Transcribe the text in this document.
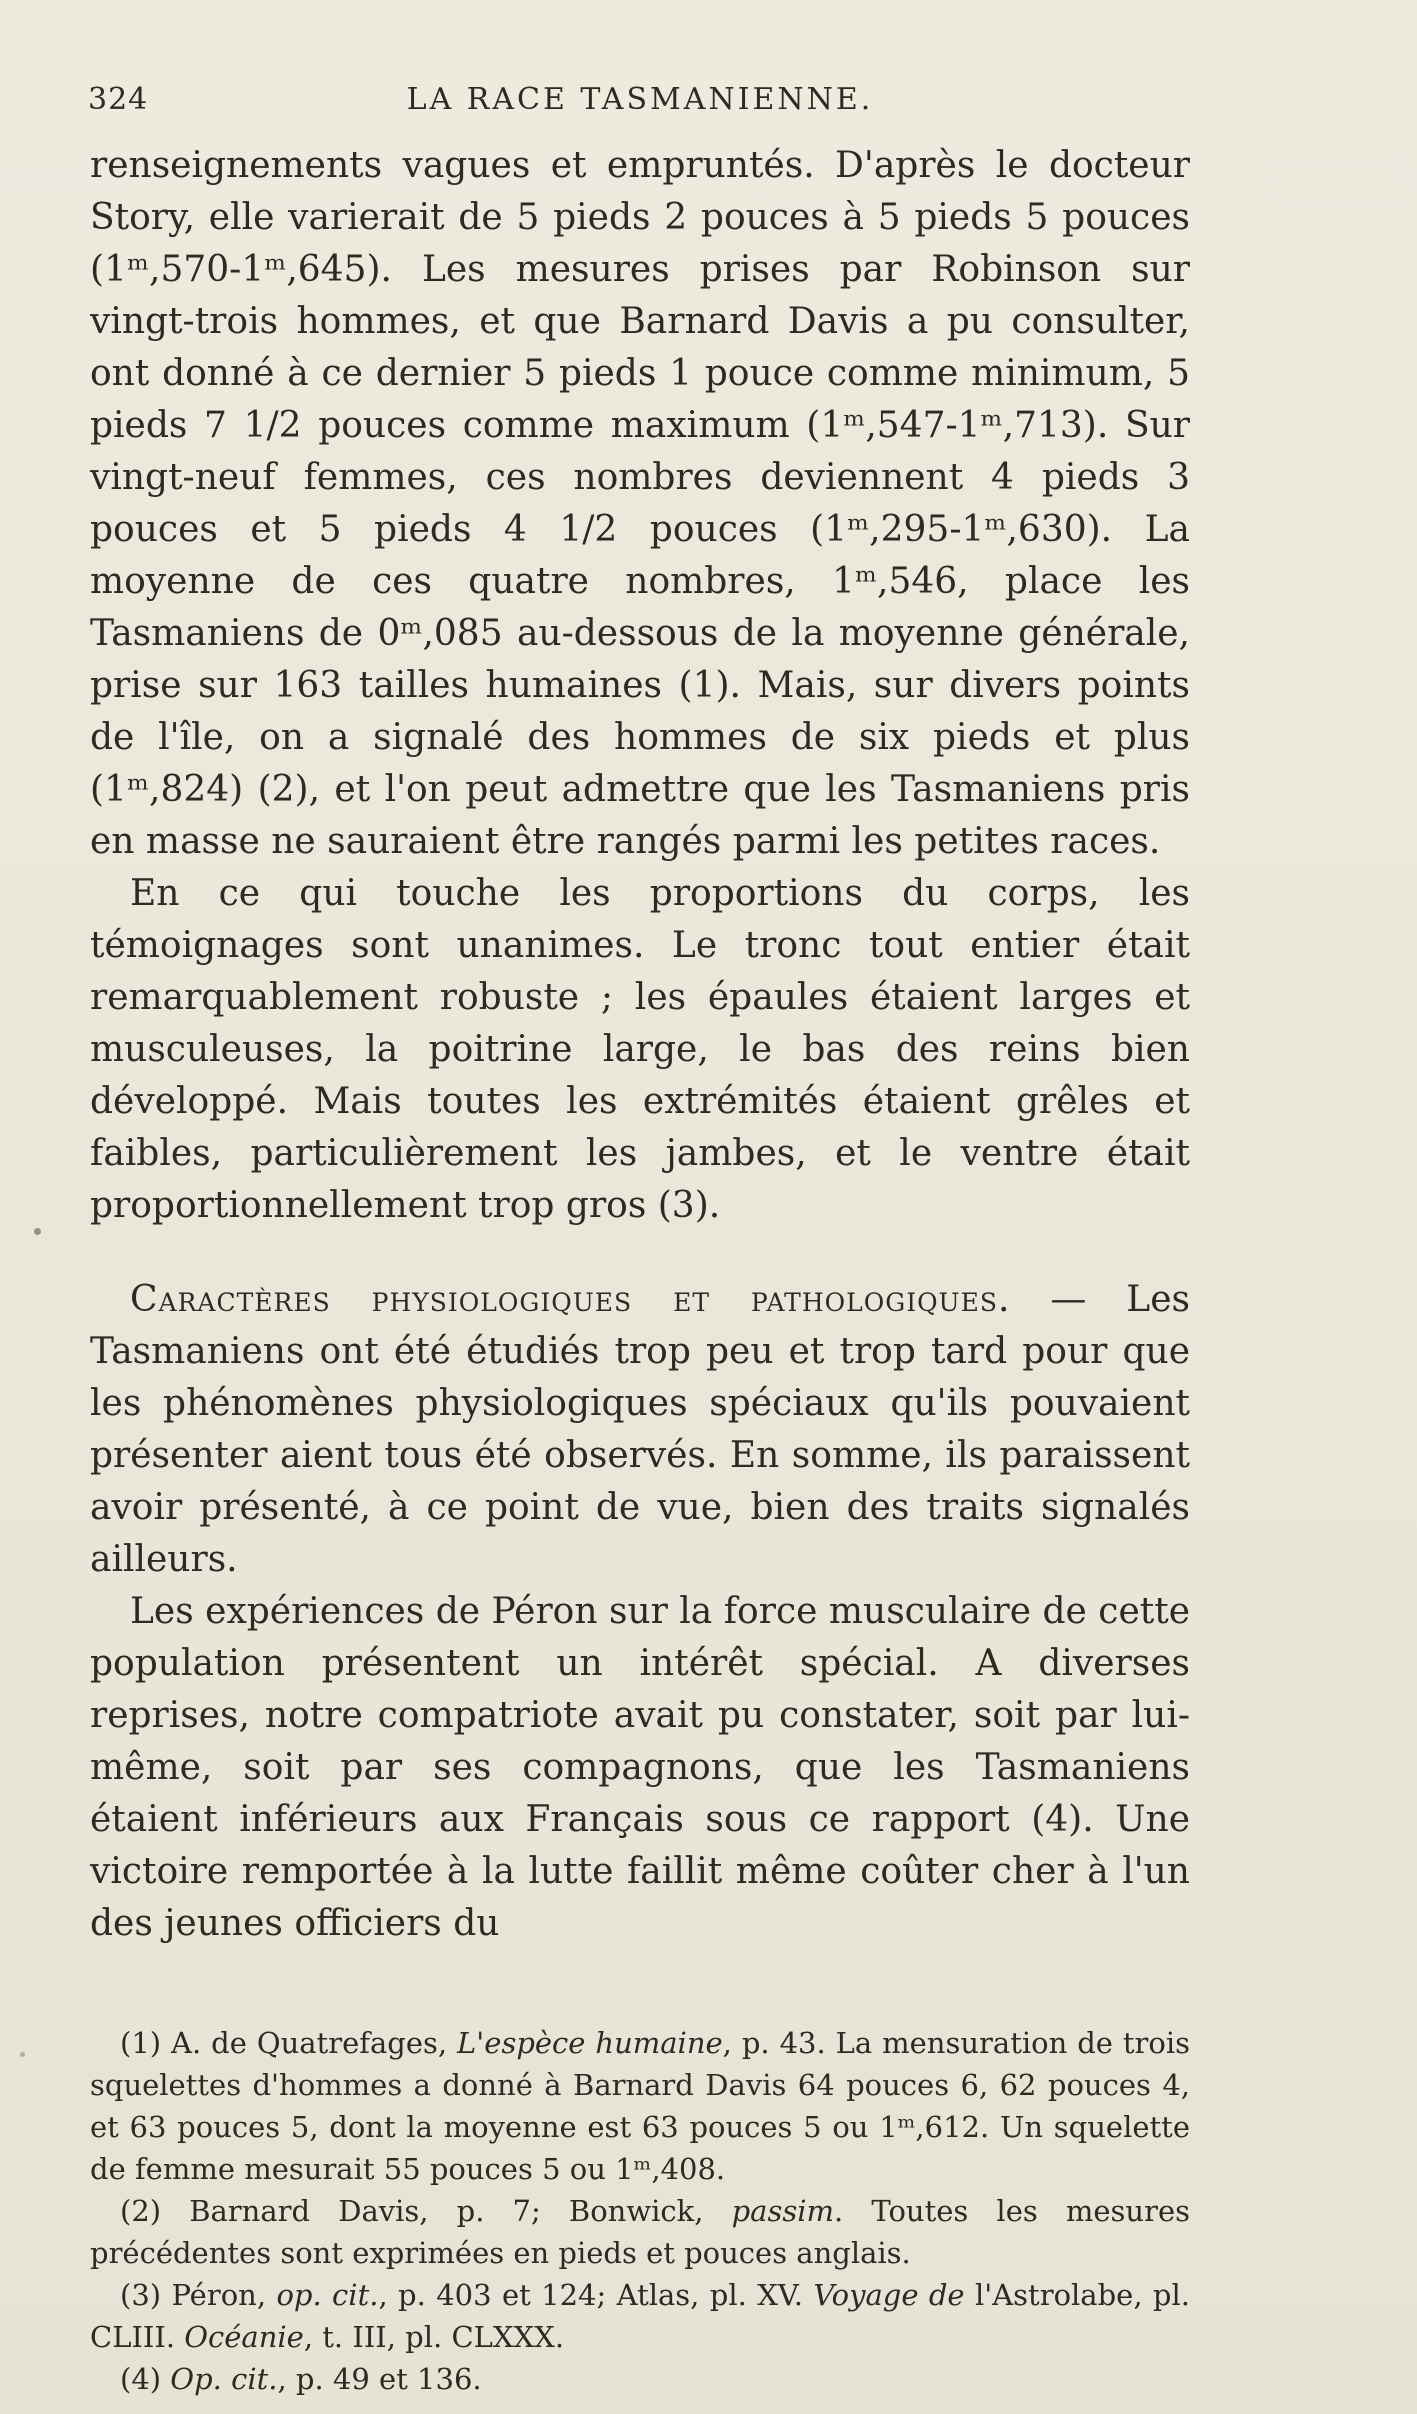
324	LA RACE TASMANIENNE.

renseignements vagues et empruntés. D'après le docteur Story, elle varierait de 5 pieds 2 pouces à 5 pieds 5 pouces (1ᵐ,570-1ᵐ,645). Les mesures prises par Robinson sur vingt-trois hommes, et que Barnard Davis a pu consulter, ont donné à ce dernier 5 pieds 1 pouce comme minimum, 5 pieds 7 1/2 pouces comme maximum (1ᵐ,547-1ᵐ,713). Sur vingt-neuf femmes, ces nombres deviennent 4 pieds 3 pouces et 5 pieds 4 1/2 pouces (1ᵐ,295-1ᵐ,630). La moyenne de ces quatre nombres, 1ᵐ,546, place les Tasmaniens de 0ᵐ,085 au-dessous de la moyenne générale, prise sur 163 tailles humaines (1). Mais, sur divers points de l'île, on a signalé des hommes de six pieds et plus (1ᵐ,824) (2), et l'on peut admettre que les Tasmaniens pris en masse ne sauraient être rangés parmi les petites races.

En ce qui touche les proportions du corps, les témoignages sont unanimes. Le tronc tout entier était remarquablement robuste ; les épaules étaient larges et musculeuses, la poitrine large, le bas des reins bien développé. Mais toutes les extrémités étaient grêles et faibles, particulièrement les jambes, et le ventre était proportionnellement trop gros (3).

Caractères physiologiques et pathologiques. — Les Tasmaniens ont été étudiés trop peu et trop tard pour que les phénomènes physiologiques spéciaux qu'ils pouvaient présenter aient tous été observés. En somme, ils paraissent avoir présenté, à ce point de vue, bien des traits signalés ailleurs.

Les expériences de Péron sur la force musculaire de cette population présentent un intérêt spécial. A diverses reprises, notre compatriote avait pu constater, soit par lui-même, soit par ses compagnons, que les Tasmaniens étaient inférieurs aux Français sous ce rapport (4). Une victoire remportée à la lutte faillit même coûter cher à l'un des jeunes officiers du

(1) A. de Quatrefages, L'espèce humaine, p. 43. La mensuration de trois squelettes d'hommes a donné à Barnard Davis 64 pouces 6, 62 pouces 4, et 63 pouces 5, dont la moyenne est 63 pouces 5 ou 1ᵐ,612. Un squelette de femme mesurait 55 pouces 5 ou 1ᵐ,408.

(2) Barnard Davis, p. 7; Bonwick, passim. Toutes les mesures précédentes sont exprimées en pieds et pouces anglais.

(3) Péron, op. cit., p. 403 et 124; Atlas, pl. XV. Voyage de l'Astrolabe, pl. CLIII. Océanie, t. III, pl. CLXXX.

(4) Op. cit., p. 49 et 136.
